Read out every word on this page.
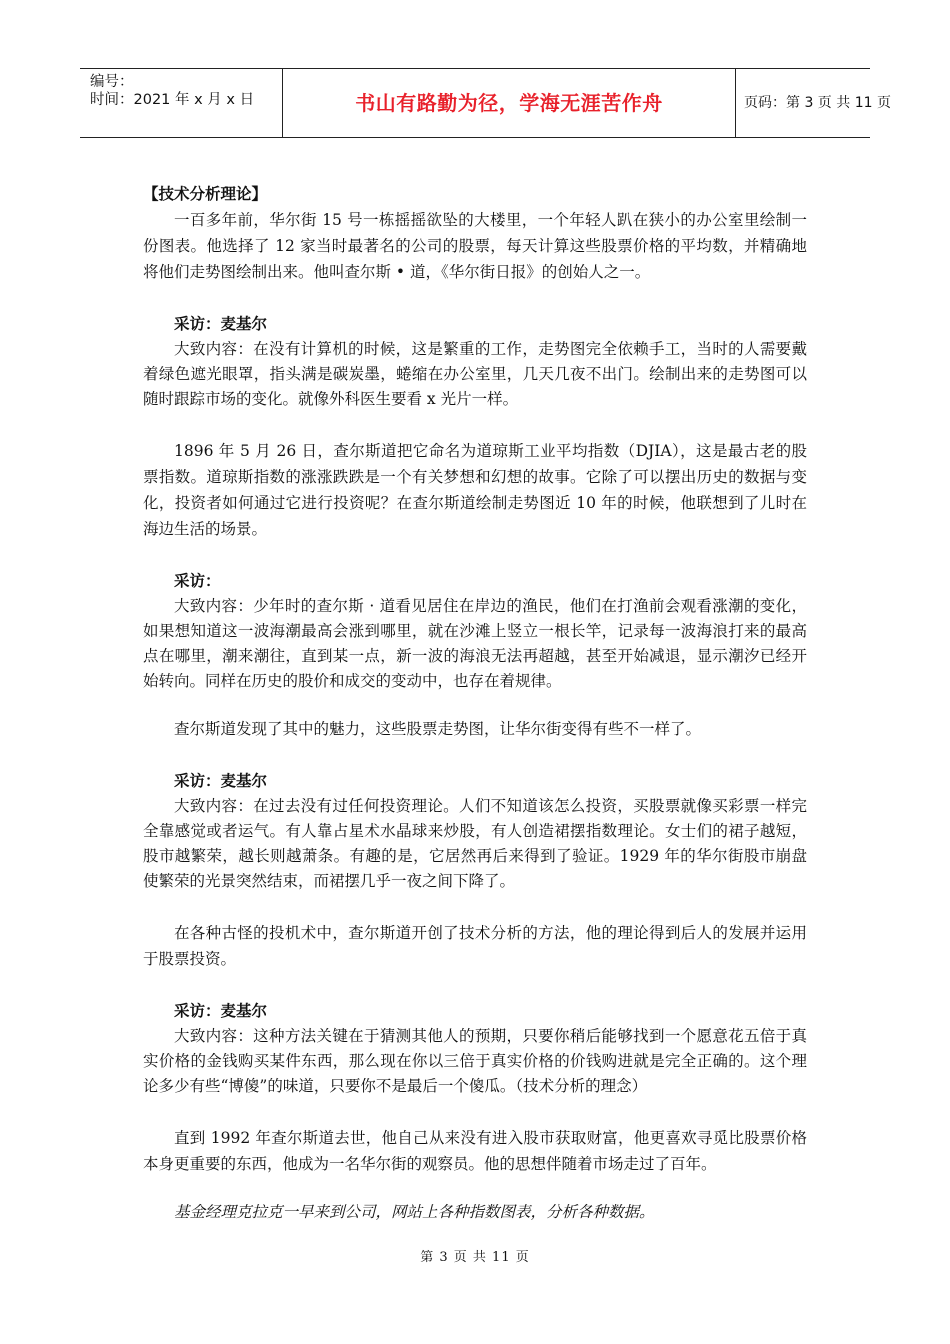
编号：
时间：2021 年 x 月 x 日	书山有路勤为径，学海无涯苦作舟	页码：第 3 页 共 11 页

【技术分析理论】

一百多年前，华尔街 15 号一栋摇摇欲坠的大楼里，一个年轻人趴在狭小的办公室里绘制一份图表。他选择了 12 家当时最著名的公司的股票，每天计算这些股票价格的平均数，并精确地将他们走势图绘制出来。他叫查尔斯 • 道，《华尔街日报》的创始人之一。

采访：麦基尔

大致内容：在没有计算机的时候，这是繁重的工作，走势图完全依赖手工，当时的人需要戴着绿色遮光眼罩，指头满是碳炭墨，蜷缩在办公室里，几天几夜不出门。绘制出来的走势图可以随时跟踪市场的变化。就像外科医生要看 x 光片一样。

1896 年 5 月 26 日，查尔斯道把它命名为道琼斯工业平均指数（DJIA），这是最古老的股票指数。道琼斯指数的涨涨跌跌是一个有关梦想和幻想的故事。它除了可以摆出历史的数据与变化，投资者如何通过它进行投资呢？在查尔斯道绘制走势图近 10 年的时候，他联想到了儿时在海边生活的场景。

采访：

大致内容：少年时的查尔斯 · 道看见居住在岸边的渔民，他们在打渔前会观看涨潮的变化，如果想知道这一波海潮最高会涨到哪里，就在沙滩上竖立一根长竿，记录每一波海浪打来的最高点在哪里，潮来潮往，直到某一点，新一波的海浪无法再超越，甚至开始减退，显示潮汐已经开始转向。同样在历史的股价和成交的变动中，也存在着规律。

查尔斯道发现了其中的魅力，这些股票走势图，让华尔街变得有些不一样了。

采访：麦基尔

大致内容：在过去没有过任何投资理论。人们不知道该怎么投资，买股票就像买彩票一样完全靠感觉或者运气。有人靠占星术水晶球来炒股，有人创造裙摆指数理论。女士们的裙子越短，股市越繁荣，越长则越萧条。有趣的是，它居然再后来得到了验证。1929 年的华尔街股市崩盘使繁荣的光景突然结束，而裙摆几乎一夜之间下降了。

在各种古怪的投机术中，查尔斯道开创了技术分析的方法，他的理论得到后人的发展并运用于股票投资。

采访：麦基尔

大致内容：这种方法关键在于猜测其他人的预期，只要你稍后能够找到一个愿意花五倍于真实价格的金钱购买某件东西，那么现在你以三倍于真实价格的价钱购进就是完全正确的。这个理论多少有些“博傻”的味道，只要你不是最后一个傻瓜。（技术分析的理念）

直到 1992 年查尔斯道去世，他自己从来没有进入股市获取财富，他更喜欢寻觅比股票价格本身更重要的东西，他成为一名华尔街的观察员。他的思想伴随着市场走过了百年。

基金经理克拉克一早来到公司，网站上各种指数图表，分析各种数据。

第 3 页 共 11 页
